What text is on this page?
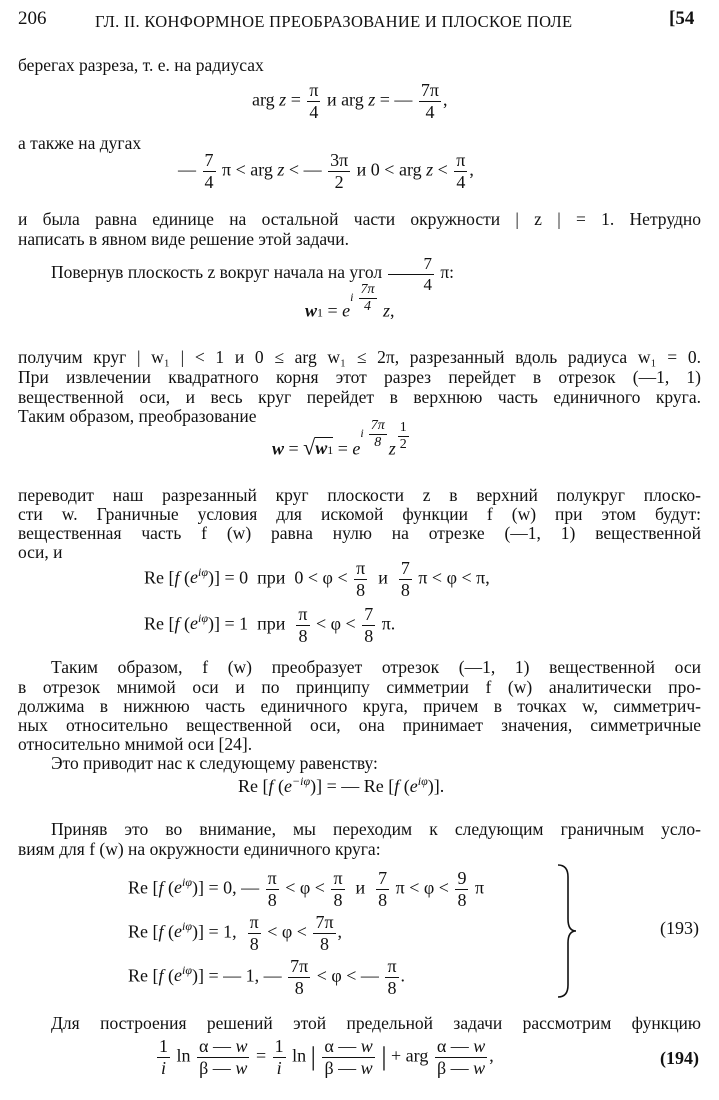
206	ГЛ. II. КОНФОРМНОЕ ПРЕОБРАЗОВАНИЕ И ПЛОСКОЕ ПОЛЕ	[54
берегах разреза, т. е. на радиусах
arg $z = \frac{\pi}{4}$ и arg z = — $\frac{7\pi}{4}$ ,
а также на дугах
— $\frac{7}{4}$ π < arg z < — $\frac{3\pi}{2}$ и 0 < arg $z < \frac{\pi}{4}$ ,
и была равна единице на остальной части окружности | z | = 1. Нетрудно
написать в явном виде решение этой задачи.
Повернув плоскость z вокруг начала на угол $\frac{7}{4} \pi$:
$w1 = e^{i \frac{7\pi}{4}}$ z,
получим круг | w₁ | < 1 и 0 ≤ arg w₁ ≤ 2π, разрезанный вдоль радиуса w₁ = 0.
При извлечении квадратного корня этот разрез перейдет в отрезок (—1, 1)
вещественной оси, и весь круг перейдет в верхнюю часть единичного круга.
Таким образом, преобразование
$w = √w1 = e^{i \frac{7\pi}{8}}$ z $^{\frac{1}{2}}$
переводит наш разрезанный круг плоскости z в верхний полукруг плоско-
сти w. Граничные условия для искомой функции f (w) при этом будут:
вещественная часть f (w) равна нулю на отрезке (—1, 1) вещественной
оси, и
Re [f $(e^{i\varphi})] = 0$  при  $0 < \varphi < \frac{\pi}{8}$ и $\frac{7}{8}$ π < φ < π,
Re [f $(e^{i\varphi})] = 1$  при $\frac{\pi}{8} < \varphi < \frac{7}{8} \pi$.
Таким образом, f (w) преобразует отрезок (—1, 1) вещественной оси
в отрезок мнимой оси и по принципу симметрии f (w) аналитически про-
должима в нижнюю часть единичного круга, причем в точках w, симметрич-
ных относительно вещественной оси, она принимает значения, симметричные
относительно мнимой оси [24].
Это приводит нас к следующему равенству:
Re [f $(e^{-i\varphi})$] = — Re [f $(e^{i\varphi})$].
Приняв это во внимание, мы переходим к следующим граничным усло-
виям для f (w) на окружности единичного круга:
Re [f $(e^{i\varphi})] = 0$, — $\frac{\pi}{8} < \varphi < \frac{\pi}{8}$ и $\frac{7}{8}$ $\pi < \varphi < \frac{9}{8}$ π
Re [f $(e^{i\varphi})] = 1$, $\frac{\pi}{8} < \varphi < \frac{7\pi}{8}$ ,
Re [f $(e^{i\varphi})$] = — 1, — $\frac{7\pi}{8} < \varphi$ < — $\frac{\pi}{8}$ .
(193)
Для построения решений этой предельной задачи рассмотрим функцию
$\frac{1}{i}$ $\ln \frac{\alpha — w}{\beta — w} = \frac{1}{i}$ ln | $\frac{\alpha — w}{\beta — w}$ | + arg $\frac{\alpha — w}{\beta — w}$ ,	(194)
